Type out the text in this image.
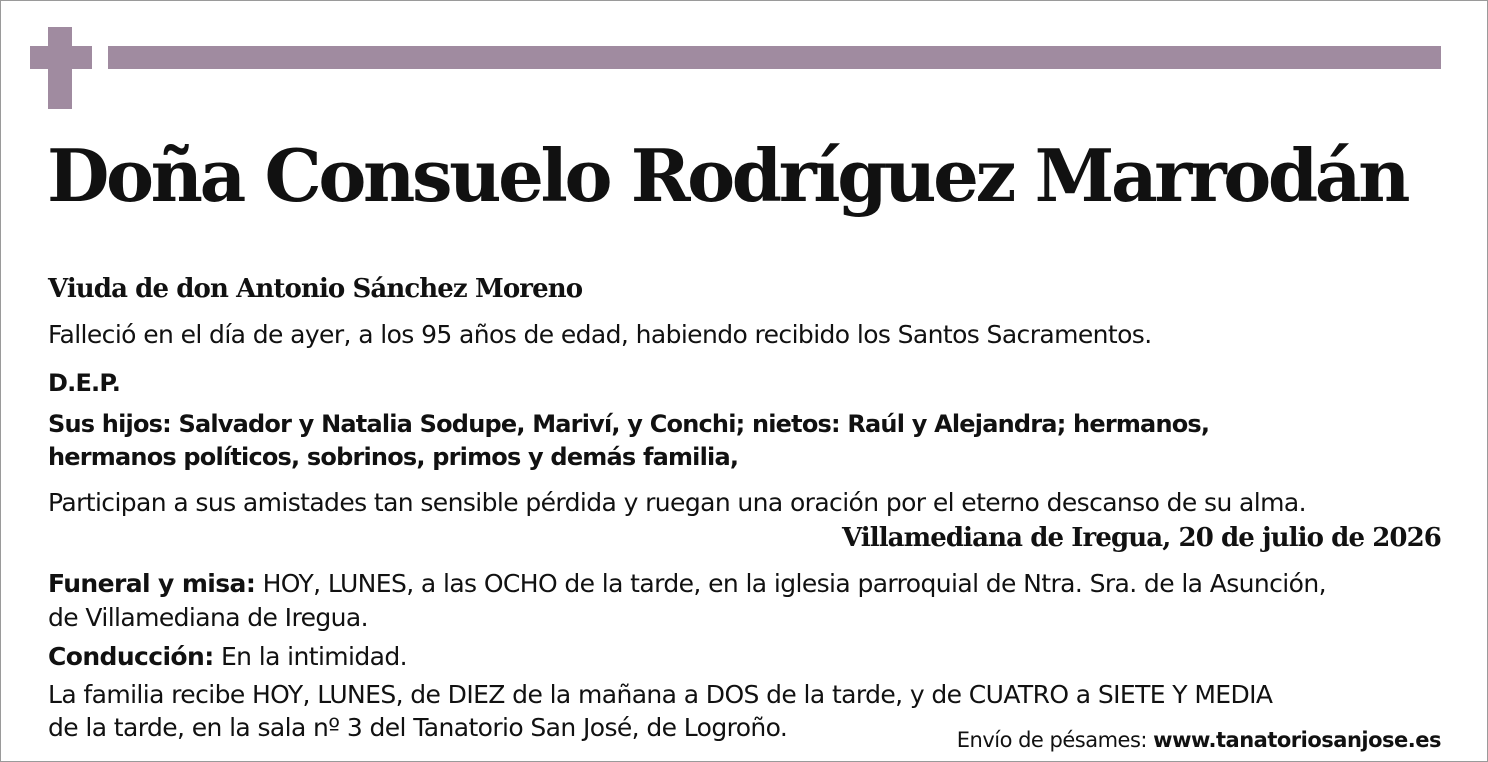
Doña Consuelo Rodríguez Marrodán

Viuda de don Antonio Sánchez Moreno

Falleció en el día de ayer, a los 95 años de edad, habiendo recibido los Santos Sacramentos.

D.E.P.

Sus hijos: Salvador y Natalia Sodupe, Mariví, y Conchi; nietos: Raúl y Alejandra; hermanos,

hermanos políticos, sobrinos, primos y demás familia,

Participan a sus amistades tan sensible pérdida y ruegan una oración por el eterno descanso de su alma.

Villamediana de Iregua, 20 de julio de 2026

Funeral y misa: HOY, LUNES, a las OCHO de la tarde, en la iglesia parroquial de Ntra. Sra. de la Asunción,

de Villamediana de Iregua.

Conducción: En la intimidad.

La familia recibe HOY, LUNES, de DIEZ de la mañana a DOS de la tarde, y de CUATRO a SIETE Y MEDIA

de la tarde, en la sala nº 3 del Tanatorio San José, de Logroño.	Envío de pésames: www.tanatoriosanjose.es
